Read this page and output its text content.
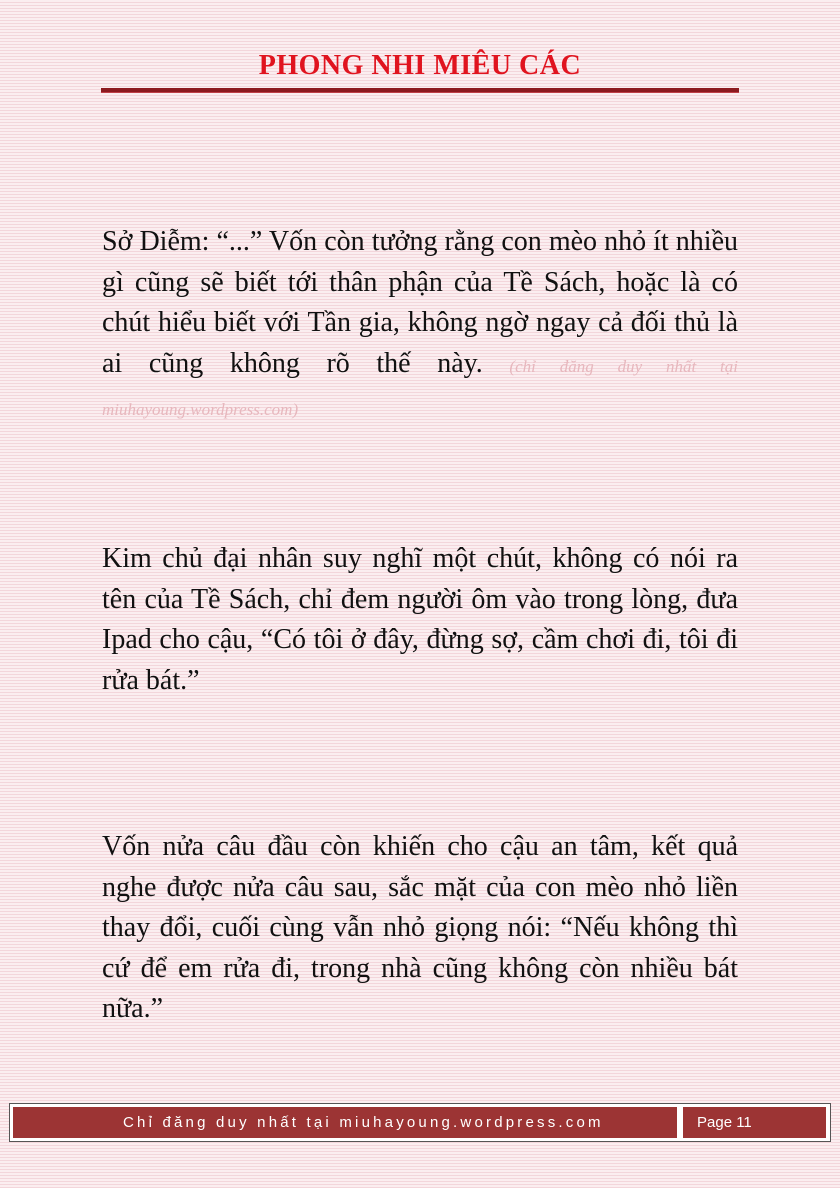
PHONG NHI MIÊU CÁC

Sở Diễm: “...” Vốn còn tưởng rằng con mèo nhỏ ít nhiều gì cũng sẽ biết tới thân phận của Tề Sách, hoặc là có chút hiểu biết với Tần gia, không ngờ ngay cả đối thủ là ai cũng không rõ thế này. (chỉ đăng duy nhất tại miuhayoung.wordpress.com)

Kim chủ đại nhân suy nghĩ một chút, không có nói ra tên của Tề Sách, chỉ đem người ôm vào trong lòng, đưa Ipad cho cậu, “Có tôi ở đây, đừng sợ, cầm chơi đi, tôi đi rửa bát.”

Vốn nửa câu đầu còn khiến cho cậu an tâm, kết quả nghe được nửa câu sau, sắc mặt của con mèo nhỏ liền thay đổi, cuối cùng vẫn nhỏ giọng nói: “Nếu không thì cứ để em rửa đi, trong nhà cũng không còn nhiều bát nữa.”

Chỉ đăng duy nhất tại miuhayoung.wordpress.com	Page 11
